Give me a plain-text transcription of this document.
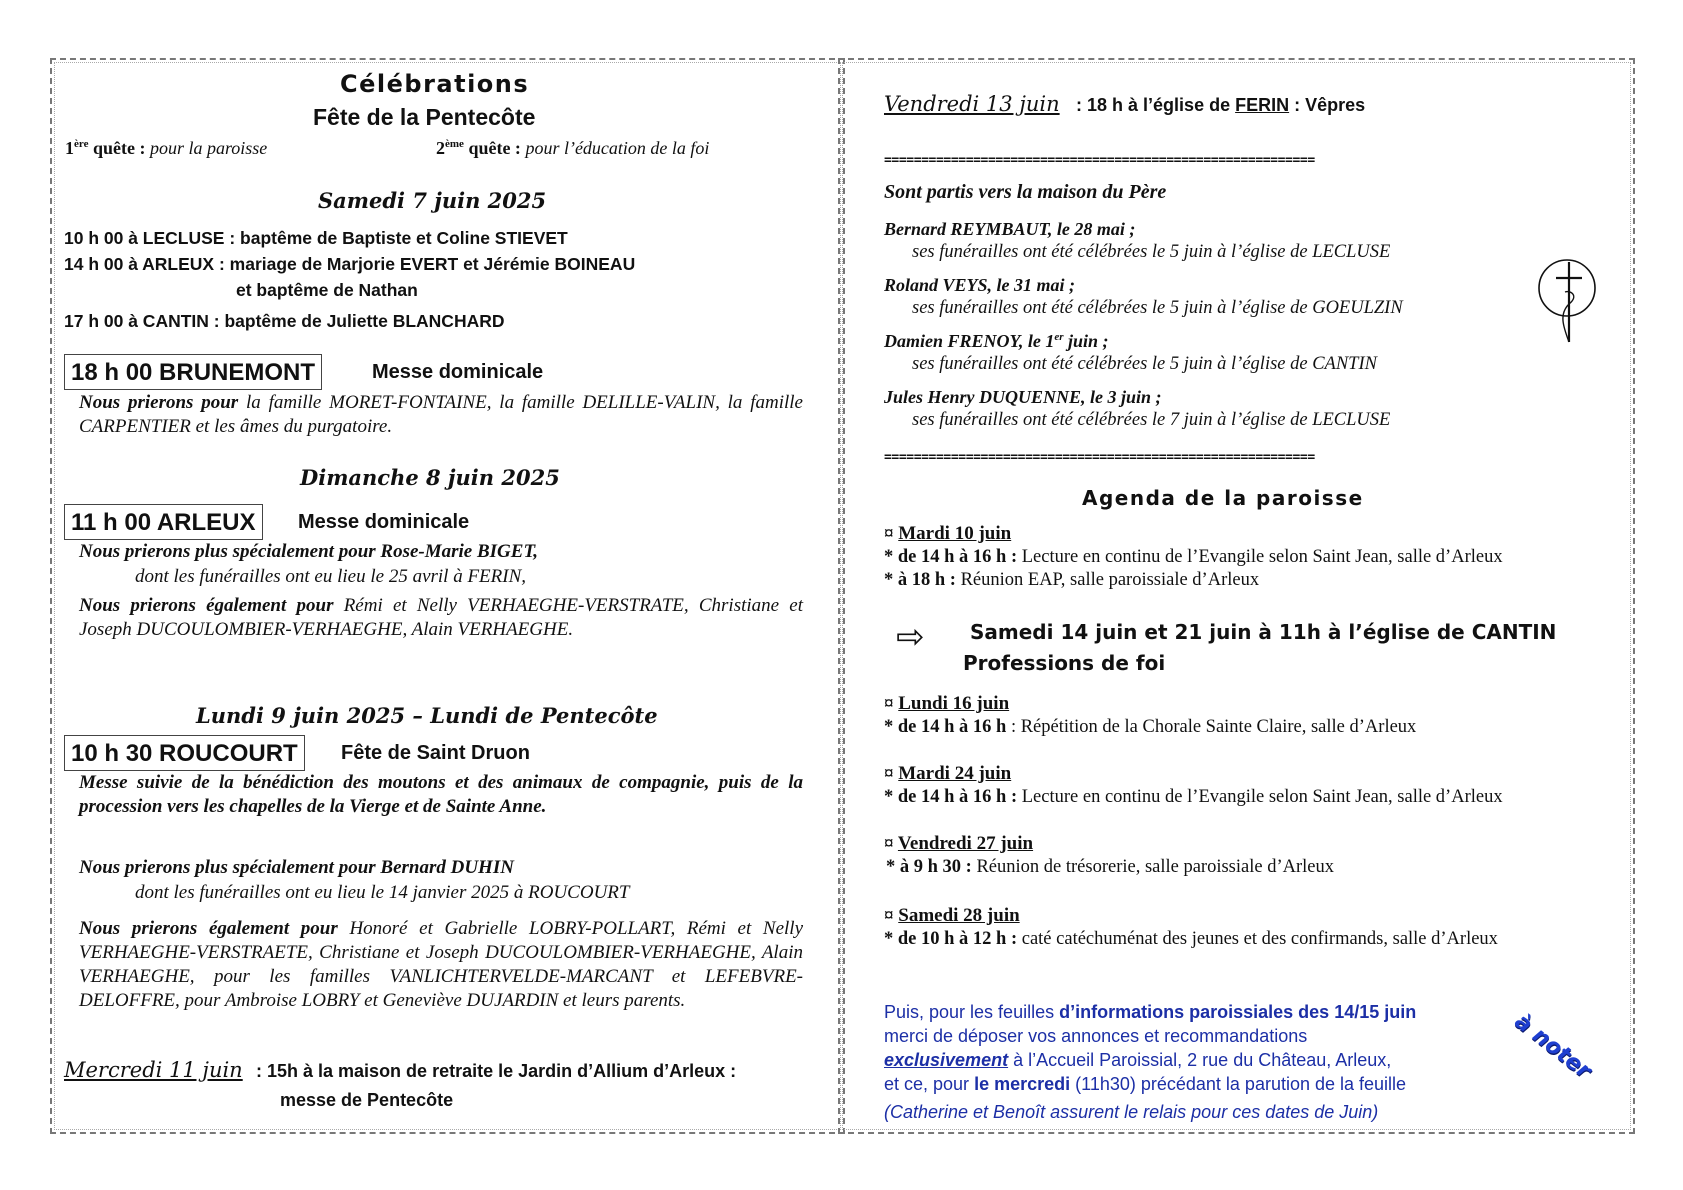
Célébrations
Fête de la Pentecôte
1ère quête : pour la paroisse	2ème quête : pour l’éducation de la foi
Samedi 7 juin 2025
10 h 00 à LECLUSE : baptême de Baptiste et Coline STIEVET
14 h 00 à ARLEUX : mariage de Marjorie EVERT et Jérémie BOINEAU
et baptême de Nathan
17 h 00 à CANTIN : baptême de Juliette BLANCHARD
18 h 00 BRUNEMONT	Messe dominicale
Nous prierons pour la famille MORET-FONTAINE, la famille DELILLE-VALIN, la famille CARPENTIER et les âmes du purgatoire.
Dimanche 8 juin 2025
11 h 00 ARLEUX	Messe dominicale
Nous prierons plus spécialement pour Rose-Marie BIGET,
dont les funérailles ont eu lieu le 25 avril à FERIN,
Nous prierons également pour Rémi et Nelly VERHAEGHE-VERSTRATE, Christiane et Joseph DUCOULOMBIER-VERHAEGHE, Alain VERHAEGHE.
Lundi 9 juin 2025 – Lundi de Pentecôte
10 h 30 ROUCOURT	Fête de Saint Druon
Messe suivie de la bénédiction des moutons et des animaux de compagnie, puis de la procession vers les chapelles de la Vierge et de Sainte Anne.
Nous prierons plus spécialement pour Bernard DUHIN
dont les funérailles ont eu lieu le 14 janvier 2025 à ROUCOURT
Nous prierons également pour Honoré et Gabrielle LOBRY-POLLART, Rémi et Nelly VERHAEGHE-VERSTRAETE, Christiane et Joseph DUCOULOMBIER-VERHAEGHE, Alain VERHAEGHE, pour les familles VANLICHTERVELDE-MARCANT et LEFEBVRE-DELOFFRE, pour Ambroise LOBRY et Geneviève DUJARDIN et leurs parents.
Mercredi 11 juin : 15h à la maison de retraite le Jardin d’Allium d’Arleux :
messe de Pentecôte
Vendredi 13 juin : 18 h à l’église de FERIN : Vêpres
==========================================================
Sont partis vers la maison du Père
Bernard REYMBAUT, le 28 mai ;
ses funérailles ont été célébrées le 5 juin à l’église de LECLUSE
Roland VEYS, le 31 mai ;
ses funérailles ont été célébrées le 5 juin à l’église de GOEULZIN
Damien FRENOY, le 1er juin ;
ses funérailles ont été célébrées le 5 juin à l’église de CANTIN
Jules Henry DUQUENNE, le 3 juin ;
ses funérailles ont été célébrées le 7 juin à l’église de LECLUSE
==========================================================
Agenda de la paroisse
¤ Mardi 10 juin
* de 14 h à 16 h : Lecture en continu de l’Evangile selon Saint Jean, salle d’Arleux
* à 18 h : Réunion EAP, salle paroissiale d’Arleux
⇨ Samedi 14 juin et 21 juin à 11h à l’église de CANTIN
Professions de foi
¤ Lundi 16 juin
* de 14 h à 16 h : Répétition de la Chorale Sainte Claire, salle d’Arleux
¤ Mardi 24 juin
* de 14 h à 16 h : Lecture en continu de l’Evangile selon Saint Jean, salle d’Arleux
¤ Vendredi 27 juin
* à 9 h 30 : Réunion de trésorerie, salle paroissiale d’Arleux
¤ Samedi 28 juin
* de 10 h à 12 h : caté catéchuménat des jeunes et des confirmands, salle d’Arleux
Puis, pour les feuilles d’informations paroissiales des 14/15 juin
merci de déposer vos annonces et recommandations
exclusivement à l’Accueil Paroissial, 2 rue du Château, Arleux,
et ce, pour le mercredi (11h30) précédant la parution de la feuille
(Catherine et Benoît assurent le relais pour ces dates de Juin)
à noter
